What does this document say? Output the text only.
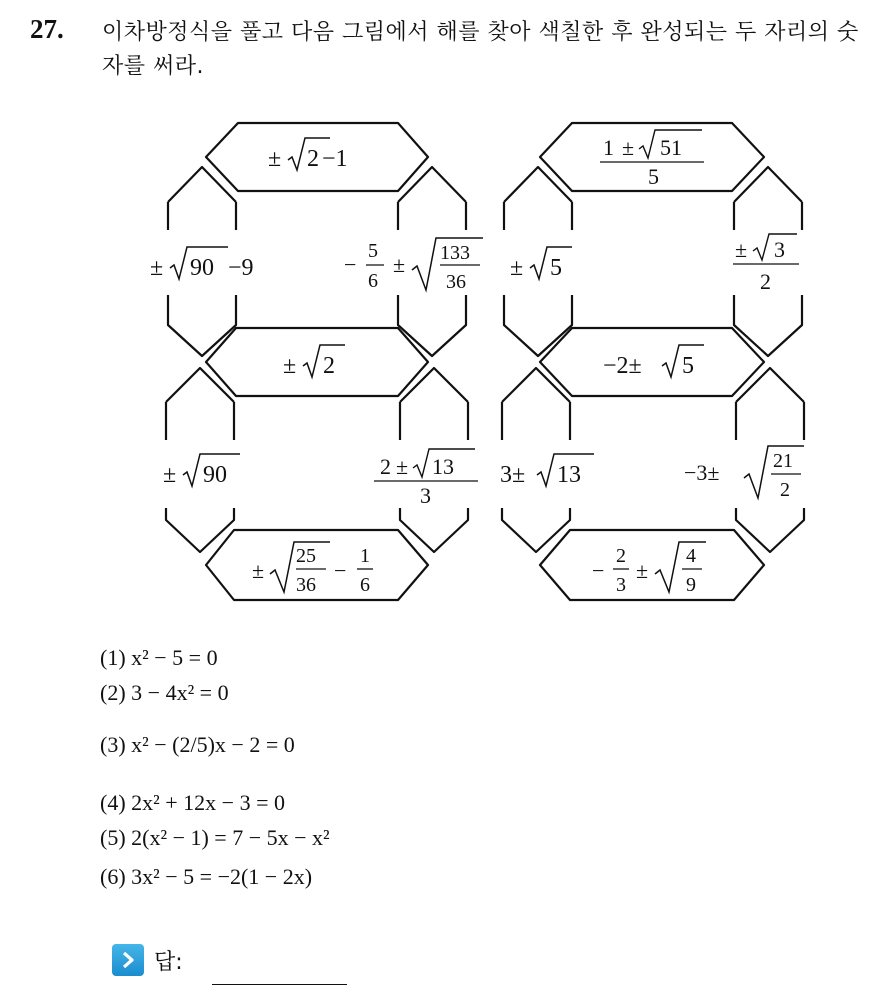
27. 이차방정식을 풀고 다음 그림에서 해를 찾아 색칠한 후 완성되는 두 자리의 숫자를 써라.
± 2 −1
± 90 −9	−
5
6
± 133
36
± 2
± 90	2 ± 13
3
±
25
36
−
1
6
1 ± 51
5
± 5
± 3
2
−2± 5
3± 13	−3±	21
2
−
2
3
±
4
9
(1) x² − 5 = 0
(2) 3 − 4x² = 0
(3) x² − (2/5)x − 2 = 0
(4) 2x² + 12x − 3 = 0
(5) 2(x² − 1) = 7 − 5x − x²
(6) 3x² − 5 = −2(1 − 2x)
답:
